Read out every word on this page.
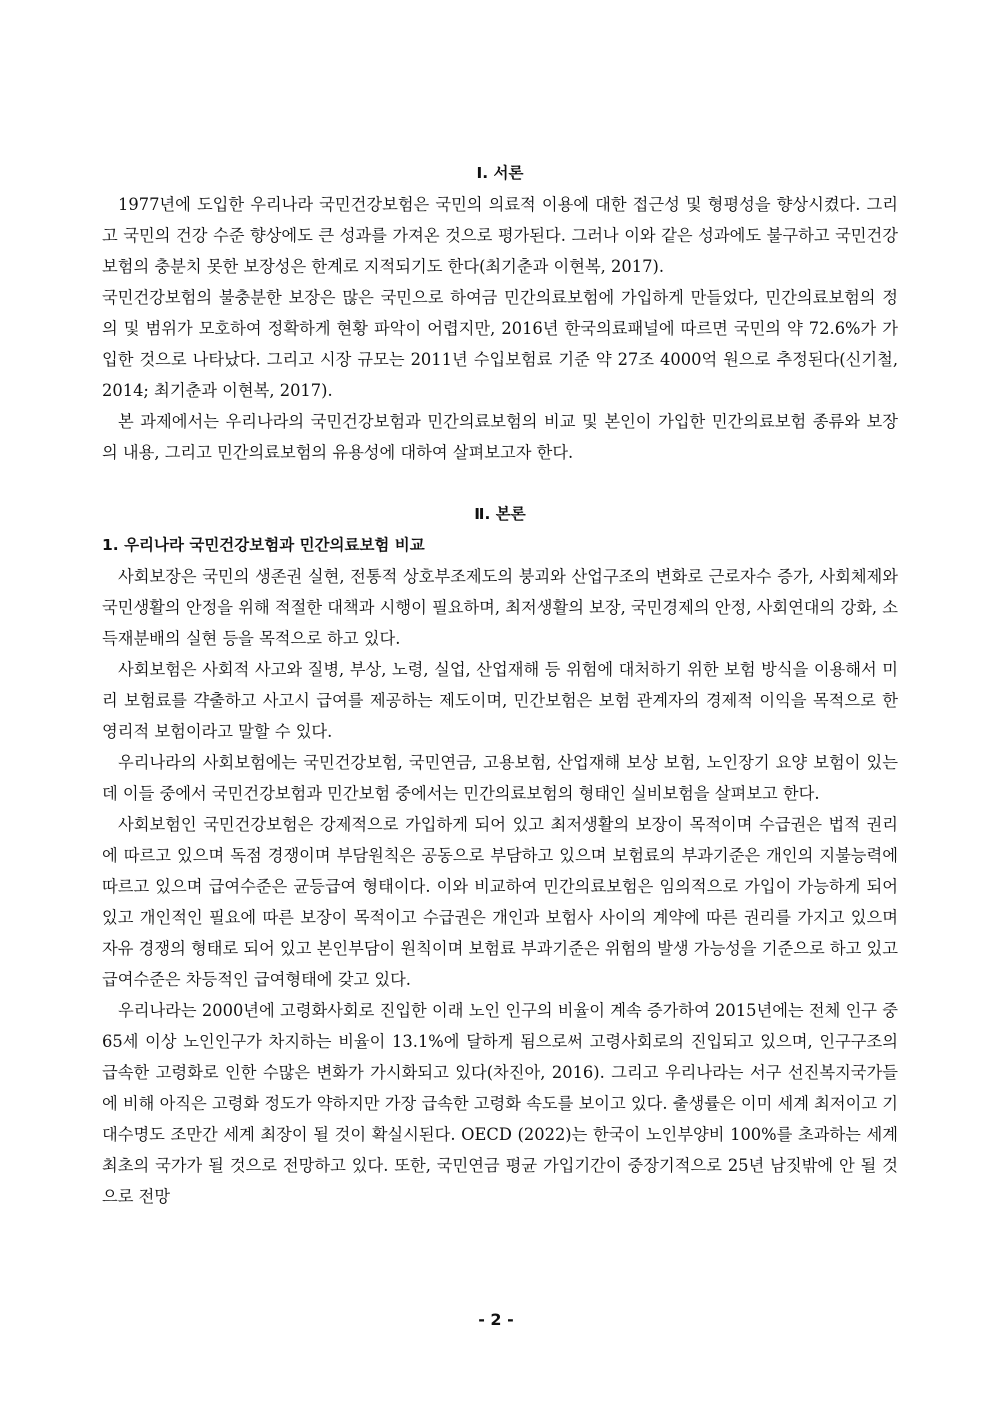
Ⅰ. 서론

1977년에 도입한 우리나라 국민건강보험은 국민의 의료적 이용에 대한 접근성 및 형평성을 향상시켰다. 그리고 국민의 건강 수준 향상에도 큰 성과를 가져온 것으로 평가된다. 그러나 이와 같은 성과에도 불구하고 국민건강보험의 충분치 못한 보장성은 한계로 지적되기도 한다(최기춘과 이현복, 2017).

국민건강보험의 불충분한 보장은 많은 국민으로 하여금 민간의료보험에 가입하게 만들었다, 민간의료보험의 정의 및 범위가 모호하여 정확하게 현황 파악이 어렵지만, 2016년 한국의료패널에 따르면 국민의 약 72.6%가 가입한 것으로 나타났다. 그리고 시장 규모는 2011년 수입보험료 기준 약 27조 4000억 원으로 추정된다(신기철, 2014; 최기춘과 이현복, 2017).

본 과제에서는 우리나라의 국민건강보험과 민간의료보험의 비교 및 본인이 가입한 민간의료보험 종류와 보장의 내용, 그리고 민간의료보험의 유용성에 대하여 살펴보고자 한다.

Ⅱ. 본론
1. 우리나라 국민건강보험과 민간의료보험 비교

사회보장은 국민의 생존권 실현, 전통적 상호부조제도의 붕괴와 산업구조의 변화로 근로자수 증가, 사회체제와 국민생활의 안정을 위해 적절한 대책과 시행이 필요하며, 최저생활의 보장, 국민경제의 안정, 사회연대의 강화, 소득재분배의 실현 등을 목적으로 하고 있다.

사회보험은 사회적 사고와 질병, 부상, 노령, 실업, 산업재해 등 위험에 대처하기 위한 보험 방식을 이용해서 미리 보험료를 갹출하고 사고시 급여를 제공하는 제도이며, 민간보험은 보험 관계자의 경제적 이익을 목적으로 한 영리적 보험이라고 말할 수 있다.

우리나라의 사회보험에는 국민건강보험, 국민연금, 고용보험, 산업재해 보상 보험, 노인장기 요양 보험이 있는데 이들 중에서 국민건강보험과 민간보험 중에서는 민간의료보험의 형태인 실비보험을 살펴보고 한다.

사회보험인 국민건강보험은 강제적으로 가입하게 되어 있고 최저생활의 보장이 목적이며 수급권은 법적 권리에 따르고 있으며 독점 경쟁이며 부담원칙은 공동으로 부담하고 있으며 보험료의 부과기준은 개인의 지불능력에 따르고 있으며 급여수준은 균등급여 형태이다. 이와 비교하여 민간의료보험은 임의적으로 가입이 가능하게 되어 있고 개인적인 필요에 따른 보장이 목적이고 수급권은 개인과 보험사 사이의 계약에 따른 권리를 가지고 있으며 자유 경쟁의 형태로 되어 있고 본인부담이 원칙이며 보험료 부과기준은 위험의 발생 가능성을 기준으로 하고 있고 급여수준은 차등적인 급여형태에 갖고 있다.

우리나라는 2000년에 고령화사회로 진입한 이래 노인 인구의 비율이 계속 증가하여 2015년에는 전체 인구 중 65세 이상 노인인구가 차지하는 비율이 13.1%에 달하게 됨으로써 고령사회로의 진입되고 있으며, 인구구조의 급속한 고령화로 인한 수많은 변화가 가시화되고 있다(차진아, 2016). 그리고 우리나라는 서구 선진복지국가들에 비해 아직은 고령화 정도가 약하지만 가장 급속한 고령화 속도를 보이고 있다. 출생률은 이미 세계 최저이고 기대수명도 조만간 세계 최장이 될 것이 확실시된다. OECD (2022)는 한국이 노인부양비 100%를 초과하는 세계 최초의 국가가 될 것으로 전망하고 있다. 또한, 국민연금 평균 가입기간이 중장기적으로 25년 남짓밖에 안 될 것으로 전망

- 2 -
